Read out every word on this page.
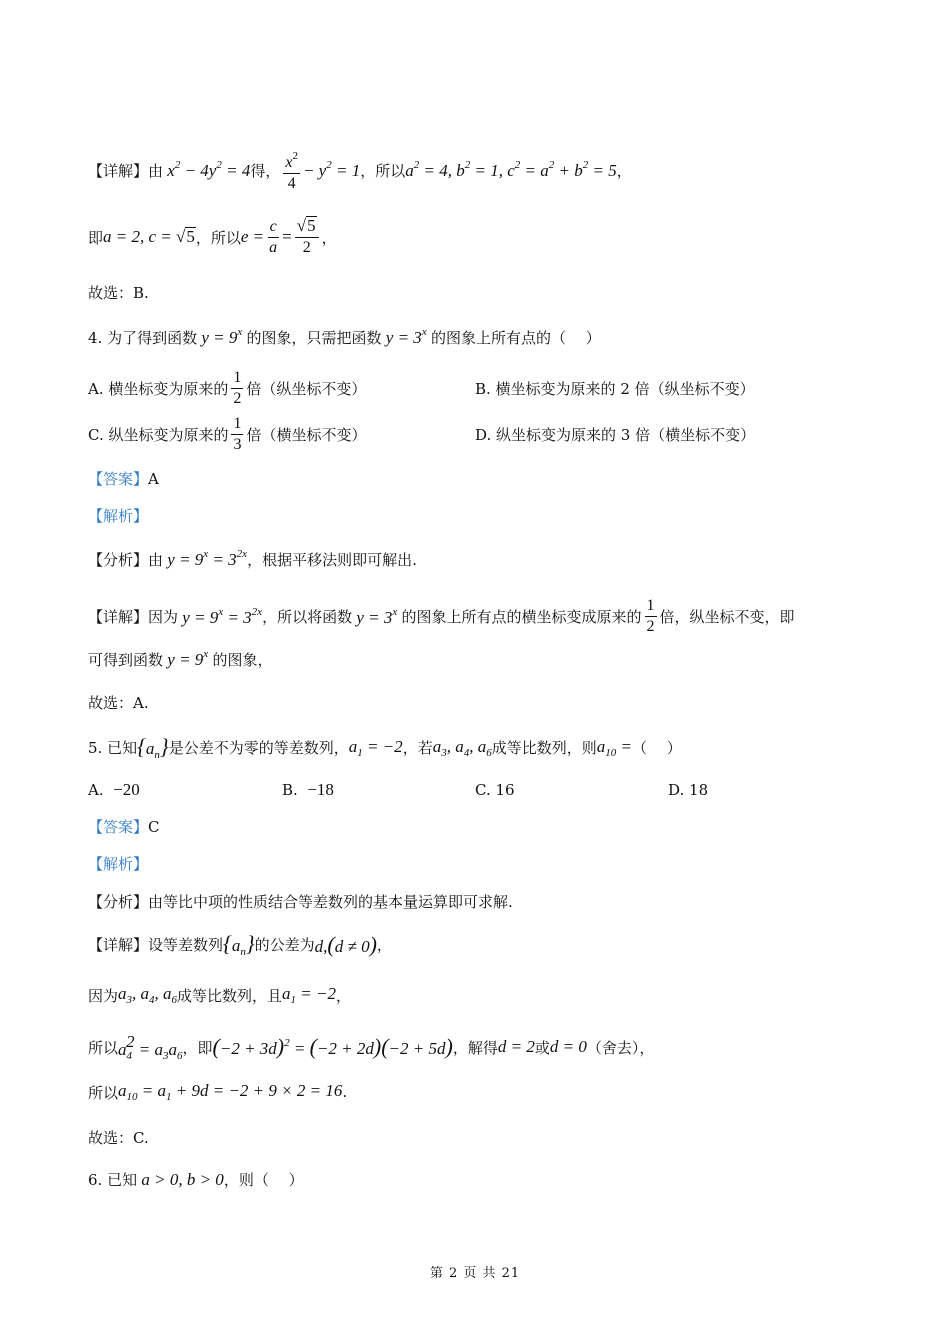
【详解】由 $x^2 - 4y^2 = 4$ 得， $\frac{x^2}{4} - y^2 = 1$ ，所以 $a^2 = 4$, $b^2 = 1$, $c^2 = a^2 + b^2 = 5$ ，
即 a = 2, c = √ 5 ，所以 $e = \frac{c}{a} = \frac{√ 5}{2}$ ，
故选：B.
4. 为了得到函数 $y = 9^x$ 的图象，只需把函数 $y = 3^x$ 的图象上所有点的（　 ）
A. 横坐标变为原来的 $\frac{1}{2}$ 倍（纵坐标不变）	B. 横坐标变为原来的 2 倍（纵坐标不变）
C. 纵坐标变为原来的 $\frac{1}{3}$ 倍（横坐标不变）	D. 纵坐标变为原来的 3 倍（横坐标不变）
【答案】 A
【解析】
【分析】由 $y = 9^x = 3^{2x}$ ，根据平移法则即可解出.
【详解】因为 $y = 9^x = 3^{2x}$ ，所以将函数 $y = 3^x$ 的图象上所有点的横坐标变成原来的 $\frac{1}{2}$ 倍，纵坐标不变，即
可得到函数 $y = 9^x$ 的图象，
故选：A.
5. 已知 $\{a_n\}$ 是公差不为零的等差数列， $a_1 = -2$ ，若 $a_3$, $a_4$, $a_6$ 成等比数列，则 $a_{10}$ = （　 ）
A. −20	B. −18	C. 16	D. 18
【答案】 C
【解析】
【分析】由等比中项的性质结合等差数列的基本量运算即可求解.
【详解】设等差数列 $\{a_n\}$ 的公差为 d,(d ≠ 0) ，
因为 $a_3$, $a_4$, $a_6$ 成等比数列，且 $a_1 = -2$ ，
所以 $a_4^2 = a_3a_6$ ，即 $(-2 + 3d)^2 = (-2 + 2d)(-2 + 5d)$ ，解得 d = 2 或 d = 0 （舍去），
所以 $a_{10} = a_1 + 9d = -2 + 9 \times 2 = 16$ .
故选：C.
6. 已知 a > 0, b > 0 ，则（　 ）
第 2 页 共 21
